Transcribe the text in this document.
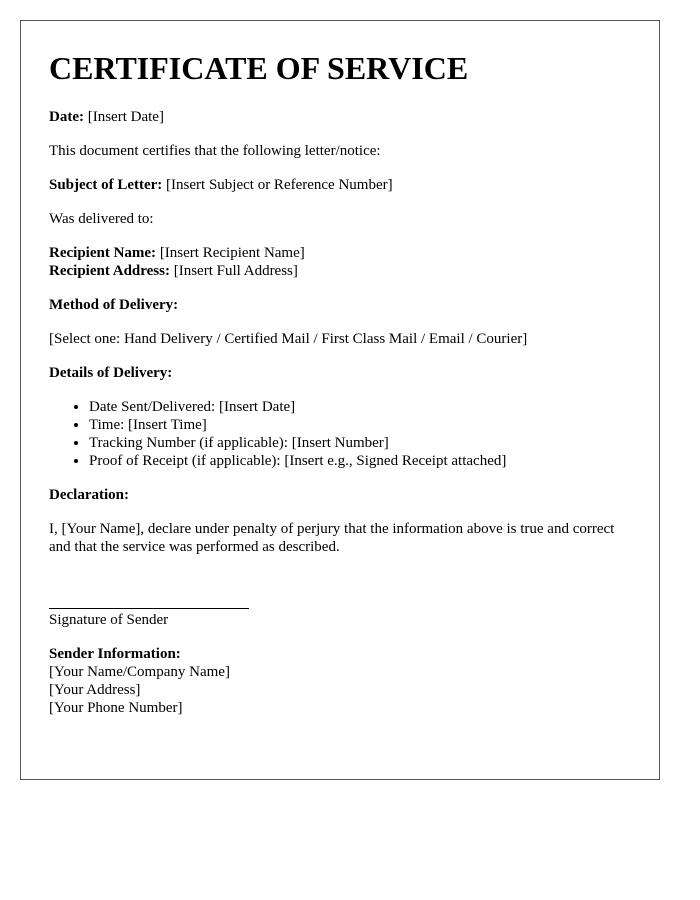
CERTIFICATE OF SERVICE

Date: [Insert Date]

This document certifies that the following letter/notice:

Subject of Letter: [Insert Subject or Reference Number]

Was delivered to:

Recipient Name: [Insert Recipient Name]

Recipient Address: [Insert Full Address]

Method of Delivery:

[Select one: Hand Delivery / Certified Mail / First Class Mail / Email / Courier]

Details of Delivery:

• Date Sent/Delivered: [Insert Date]
• Time: [Insert Time]
• Tracking Number (if applicable): [Insert Number]
• Proof of Receipt (if applicable): [Insert e.g., Signed Receipt attached]

Declaration:

I, [Your Name], declare under penalty of perjury that the information above is true and correct and that the service was performed as described.

Signature of Sender

Sender Information:

[Your Name/Company Name]

[Your Address]

[Your Phone Number]
